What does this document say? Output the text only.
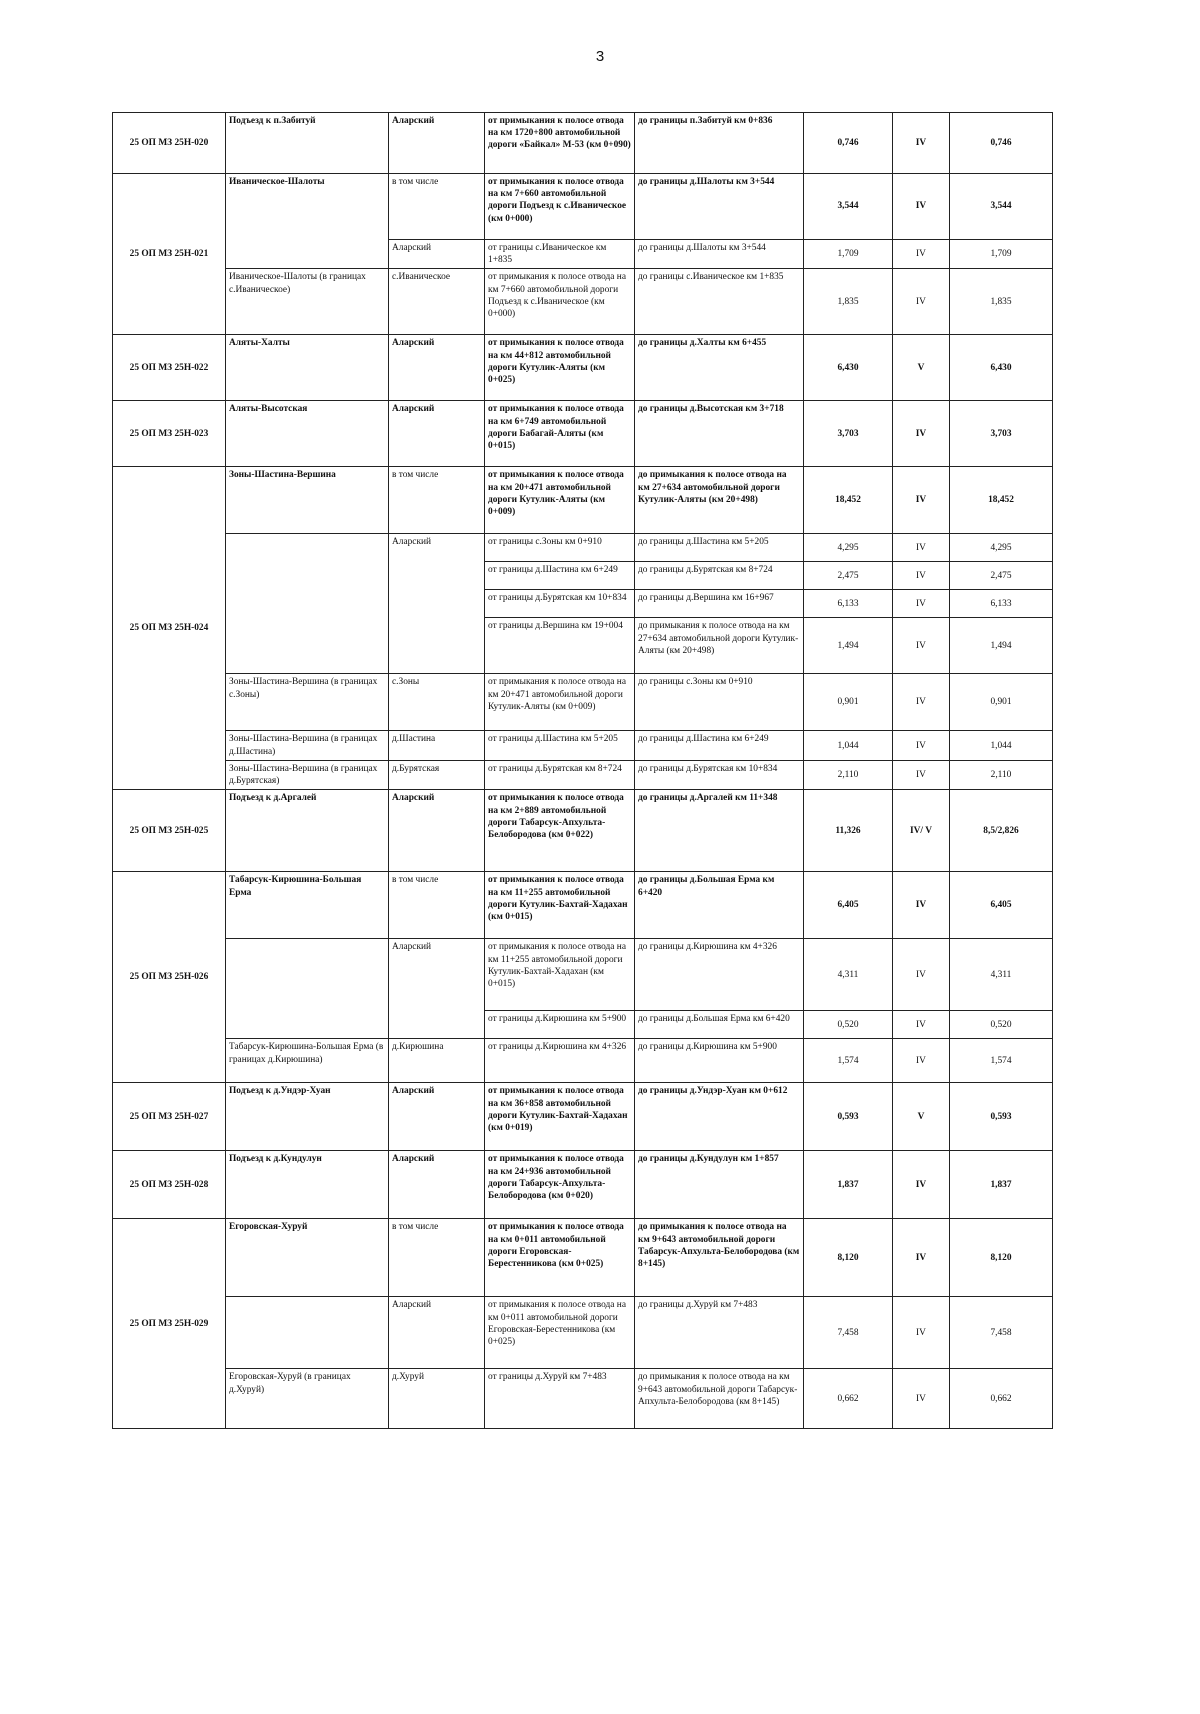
3
25 ОП МЗ 25Н-020	Подъезд к п.Забитуй	Аларский	от примыкания к полосе отвода на км 1720+800 автомобильной дороги «Байкал» М-53 (км 0+090)	до границы п.Забитуй км 0+836	0,746	IV	0,746
25 ОП МЗ 25Н-021	Иваническое-Шалоты	в том числе	от примыкания к полосе отвода на км 7+660 автомобильной дороги Подъезд к с.Иваническое (км 0+000)	до границы д.Шалоты км 3+544	3,544	IV	3,544
		Аларский	от границы с.Иваническое км 1+835	до границы д.Шалоты км 3+544	1,709	IV	1,709
	Иваническое-Шалоты (в границах с.Иваническое)	с.Иваническое	от примыкания к полосе отвода на км 7+660 автомобильной дороги Подъезд к с.Иваническое (км 0+000)	до границы с.Иваническое км 1+835	1,835	IV	1,835
25 ОП МЗ 25Н-022	Аляты-Халты	Аларский	от примыкания к полосе отвода на км 44+812 автомобильной дороги Кутулик-Аляты (км 0+025)	до границы д.Халты км 6+455	6,430	V	6,430
25 ОП МЗ 25Н-023	Аляты-Высотская	Аларский	от примыкания к полосе отвода на км 6+749 автомобильной дороги Бабагай-Аляты (км 0+015)	до границы д.Высотская км 3+718	3,703	IV	3,703
25 ОП МЗ 25Н-024	Зоны-Шастина-Вершина	в том числе	от примыкания к полосе отвода на км 20+471 автомобильной дороги Кутулик-Аляты (км 0+009)	до примыкания к полосе отвода на км 27+634 автомобильной дороги Кутулик-Аляты (км 20+498)	18,452	IV	18,452
		Аларский	от границы с.Зоны км 0+910	до границы д.Шастина км 5+205	4,295	IV	4,295
			от границы д.Шастина км 6+249	до границы д.Бурятская км 8+724	2,475	IV	2,475
			от границы д.Бурятская км 10+834	до границы д.Вершина км 16+967	6,133	IV	6,133
			от границы д.Вершина км 19+004	до примыкания к полосе отвода на км 27+634 автомобильной дороги Кутулик-Аляты (км 20+498)	1,494	IV	1,494
	Зоны-Шастина-Вершина (в границах с.Зоны)	с.Зоны	от примыкания к полосе отвода на км 20+471 автомобильной дороги Кутулик-Аляты (км 0+009)	до границы с.Зоны км 0+910	0,901	IV	0,901
	Зоны-Шастина-Вершина (в границах д.Шастина)	д.Шастина	от границы д.Шастина км 5+205	до границы д.Шастина км 6+249	1,044	IV	1,044
	Зоны-Шастина-Вершина (в границах д.Бурятская)	д.Бурятская	от границы д.Бурятская км 8+724	до границы д.Бурятская км 10+834	2,110	IV	2,110
25 ОП МЗ 25Н-025	Подъезд к д.Аргалей	Аларский	от примыкания к полосе отвода на км 2+889 автомобильной дороги Табарсук-Апхульта-Белобородова (км 0+022)	до границы д.Аргалей км 11+348	11,326	IV/ V	8,5/2,826
25 ОП МЗ 25Н-026	Табарсук-Кирюшина-Большая Ерма	в том числе	от примыкания к полосе отвода на км 11+255 автомобильной дороги Кутулик-Бахтай-Хадахан (км 0+015)	до границы д.Большая Ерма км 6+420	6,405	IV	6,405
		Аларский	от примыкания к полосе отвода на км 11+255 автомобильной дороги Кутулик-Бахтай-Хадахан (км 0+015)	до границы д.Кирюшина км 4+326	4,311	IV	4,311
			от границы д.Кирюшина км 5+900	до границы д.Большая Ерма км 6+420	0,520	IV	0,520
	Табарсук-Кирюшина-Большая Ерма (в границах д.Кирюшина)	д.Кирюшина	от границы д.Кирюшина км 4+326	до границы д.Кирюшина км 5+900	1,574	IV	1,574
25 ОП МЗ 25Н-027	Подъезд к д.Ундэр-Хуан	Аларский	от примыкания к полосе отвода на км 36+858 автомобильной дороги Кутулик-Бахтай-Хадахан (км 0+019)	до границы д.Ундэр-Хуан км 0+612	0,593	V	0,593
25 ОП МЗ 25Н-028	Подъезд к д.Кундулун	Аларский	от примыкания к полосе отвода на км 24+936 автомобильной дороги Табарсук-Апхульта-Белобородова (км 0+020)	до границы д.Кундулун км 1+857	1,837	IV	1,837
25 ОП МЗ 25Н-029	Егоровская-Хуруй	в том числе	от примыкания к полосе отвода на км 0+011 автомобильной дороги Егоровская-Берестенникова (км 0+025)	до примыкания к полосе отвода на км 9+643 автомобильной дороги Табарсук-Апхульта-Белобородова (км 8+145)	8,120	IV	8,120
		Аларский	от примыкания к полосе отвода на км 0+011 автомобильной дороги Егоровская-Берестенникова (км 0+025)	до границы д.Хуруй км 7+483	7,458	IV	7,458
	Егоровская-Хуруй (в границах д.Хуруй)	д.Хуруй	от границы д.Хуруй км 7+483	до примыкания к полосе отвода на км 9+643 автомобильной дороги Табарсук-Апхульта-Белобородова (км 8+145)	0,662	IV	0,662
